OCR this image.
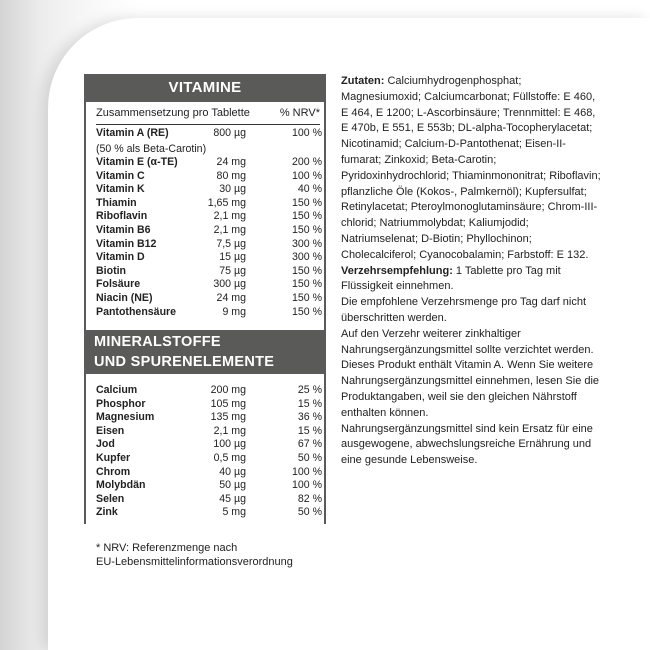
VITAMINE
Zusammensetzung pro Tablette	% NRV*
Vitamin A (RE)	800 µg	100 %
(50 % als Beta-Carotin)
Vitamin E (α-TE)	24 mg	200 %
Vitamin C	80 mg	100 %
Vitamin K	30 µg	40 %
Thiamin	1,65 mg	150 %
Riboflavin	2,1 mg	150 %
Vitamin B6	2,1 mg	150 %
Vitamin B12	7,5 µg	300 %
Vitamin D	15 µg	300 %
Biotin	75 µg	150 %
Folsäure	300 µg	150 %
Niacin (NE)	24 mg	150 %
Pantothensäure	9 mg	150 %
MINERALSTOFFE
UND SPURENELEMENTE
Calcium	200 mg	25 %
Phosphor	105 mg	15 %
Magnesium	135 mg	36 %
Eisen	2,1 mg	15 %
Jod	100 µg	67 %
Kupfer	0,5 mg	50 %
Chrom	40 µg	100 %
Molybdän	50 µg	100 %
Selen	45 µg	82 %
Zink	5 mg	50 %
* NRV: Referenzmenge nach
EU-Lebensmittelinformationsverordnung

Zutaten: Calciumhydrogenphosphat; Magnesiumoxid; Calciumcarbonat; Füllstoffe: E 460, E 464, E 1200; L-Ascorbinsäure; Trennmittel: E 468, E 470b, E 551, E 553b; DL-alpha-Tocopherylacetat; Nicotinamid; Calcium-D-Pantothenat; Eisen-II-fumarat; Zinkoxid; Beta-Carotin; Pyridoxinhydrochlorid; Thiaminmononitrat; Riboflavin; pflanzliche Öle (Kokos-, Palmkernöl); Kupfersulfat; Retinylacetat; Pteroylmonoglutaminsäure; Chrom-III-chlorid; Natriummolybdat; Kaliumjodid; Natriumselenat; D-Biotin; Phyllochinon; Cholecalciferol; Cyanocobalamin; Farbstoff: E 132.

Verzehrsempfehlung: 1 Tablette pro Tag mit Flüssigkeit einnehmen.

Die empfohlene Verzehrsmenge pro Tag darf nicht überschritten werden.

Auf den Verzehr weiterer zinkhaltiger Nahrungsergänzungsmittel sollte verzichtet werden. Dieses Produkt enthält Vitamin A. Wenn Sie weitere Nahrungsergänzungsmittel einnehmen, lesen Sie die Produktangaben, weil sie den gleichen Nährstoff enthalten können.

Nahrungsergänzungsmittel sind kein Ersatz für eine ausgewogene, abwechslungsreiche Ernährung und eine gesunde Lebensweise.
